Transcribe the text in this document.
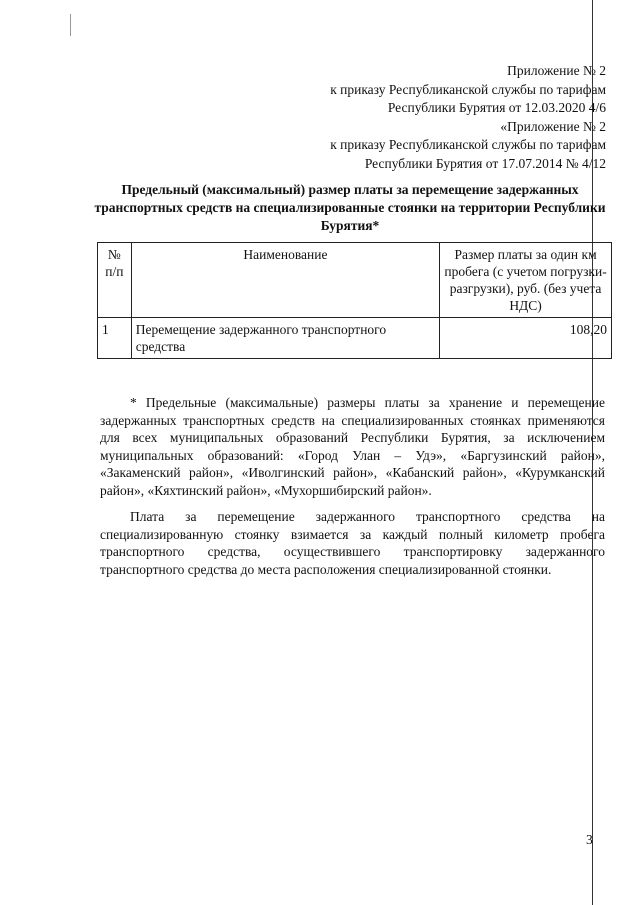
Приложение № 2
к приказу Республиканской службы по тарифам
Республики Бурятия от 12.03.2020 4/6
«Приложение № 2
к приказу Республиканской службы по тарифам
Республики Бурятия от 17.07.2014 № 4/12
Предельный (максимальный) размер платы за перемещение задержанных транспортных средств на специализированные стоянки на территории Республики Бурятия*
№ п/п	Наименование	Размер платы за один км пробега (с учетом погрузки-разгрузки), руб. (без учета НДС)
1	Перемещение задержанного транспортного средства	108,20

* Предельные (максимальные) размеры платы за хранение и перемещение задержанных транспортных средств на специализированных стоянках применяются для всех муниципальных образований Республики Бурятия, за исключением муниципальных образований: «Город Улан – Удэ», «Баргузинский район», «Закаменский район», «Иволгинский район», «Кабанский район», «Курумканский район», «Кяхтинский район», «Мухоршибирский район».

Плата за перемещение задержанного транспортного средства на специализированную стоянку взимается за каждый полный километр пробега транспортного средства, осуществившего транспортировку задержанного транспортного средства до места расположения специализированной стоянки.

3
